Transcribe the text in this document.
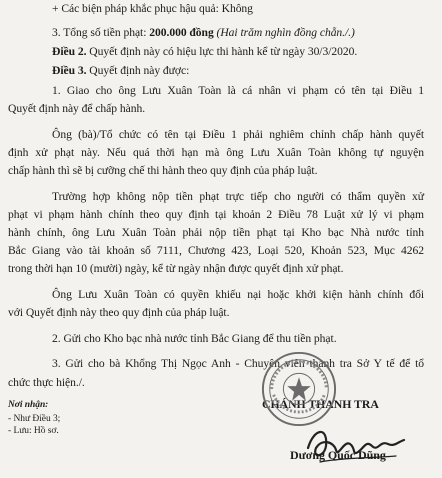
+ Các biện pháp khắc phục hậu quả: Không
3. Tổng số tiền phạt: 200.000 đồng (Hai trăm nghìn đồng chẵn./.)
Điều 2. Quyết định này có hiệu lực thi hành kể từ ngày 30/3/2020.
Điều 3. Quyết định này được:
1. Giao cho ông Lưu Xuân Toàn là cá nhân vi phạm có tên tại Điều 1
Quyết định này để chấp hành.
Ông (bà)/Tổ chức có tên tại Điều 1 phải nghiêm chỉnh chấp hành quyết
định xử phạt này. Nếu quá thời hạn mà ông Lưu Xuân Toàn không tự nguyện
chấp hành thì sẽ bị cưỡng chế thi hành theo quy định của pháp luật.
Trường hợp không nộp tiền phạt trực tiếp cho người có thẩm quyền xử
phạt vi phạm hành chính theo quy định tại khoản 2 Điều 78 Luật xử lý vi phạm
hành chính, ông Lưu Xuân Toàn phải nộp tiền phạt tại Kho bạc Nhà nước tỉnh
Bắc Giang vào tài khoản số 7111, Chương 423, Loại 520, Khoản 523, Mục 4262
trong thời hạn 10 (mười) ngày, kể từ ngày nhận được quyết định xử phạt.
Ông Lưu Xuân Toàn có quyền khiếu nại hoặc khởi kiện hành chính đối
với Quyết định này theo quy định của pháp luật.
2. Gửi cho Kho bạc nhà nước tỉnh Bắc Giang để thu tiền phạt.
3. Gửi cho bà Khổng Thị Ngọc Anh - Chuyên viên thanh tra Sở Y tế để tổ
chức thực hiện./.
Nơi nhận:
- Như Điều 3;
- Lưu: Hồ sơ.
CHÁNH THANH TRA
Dương Quốc Dũng
